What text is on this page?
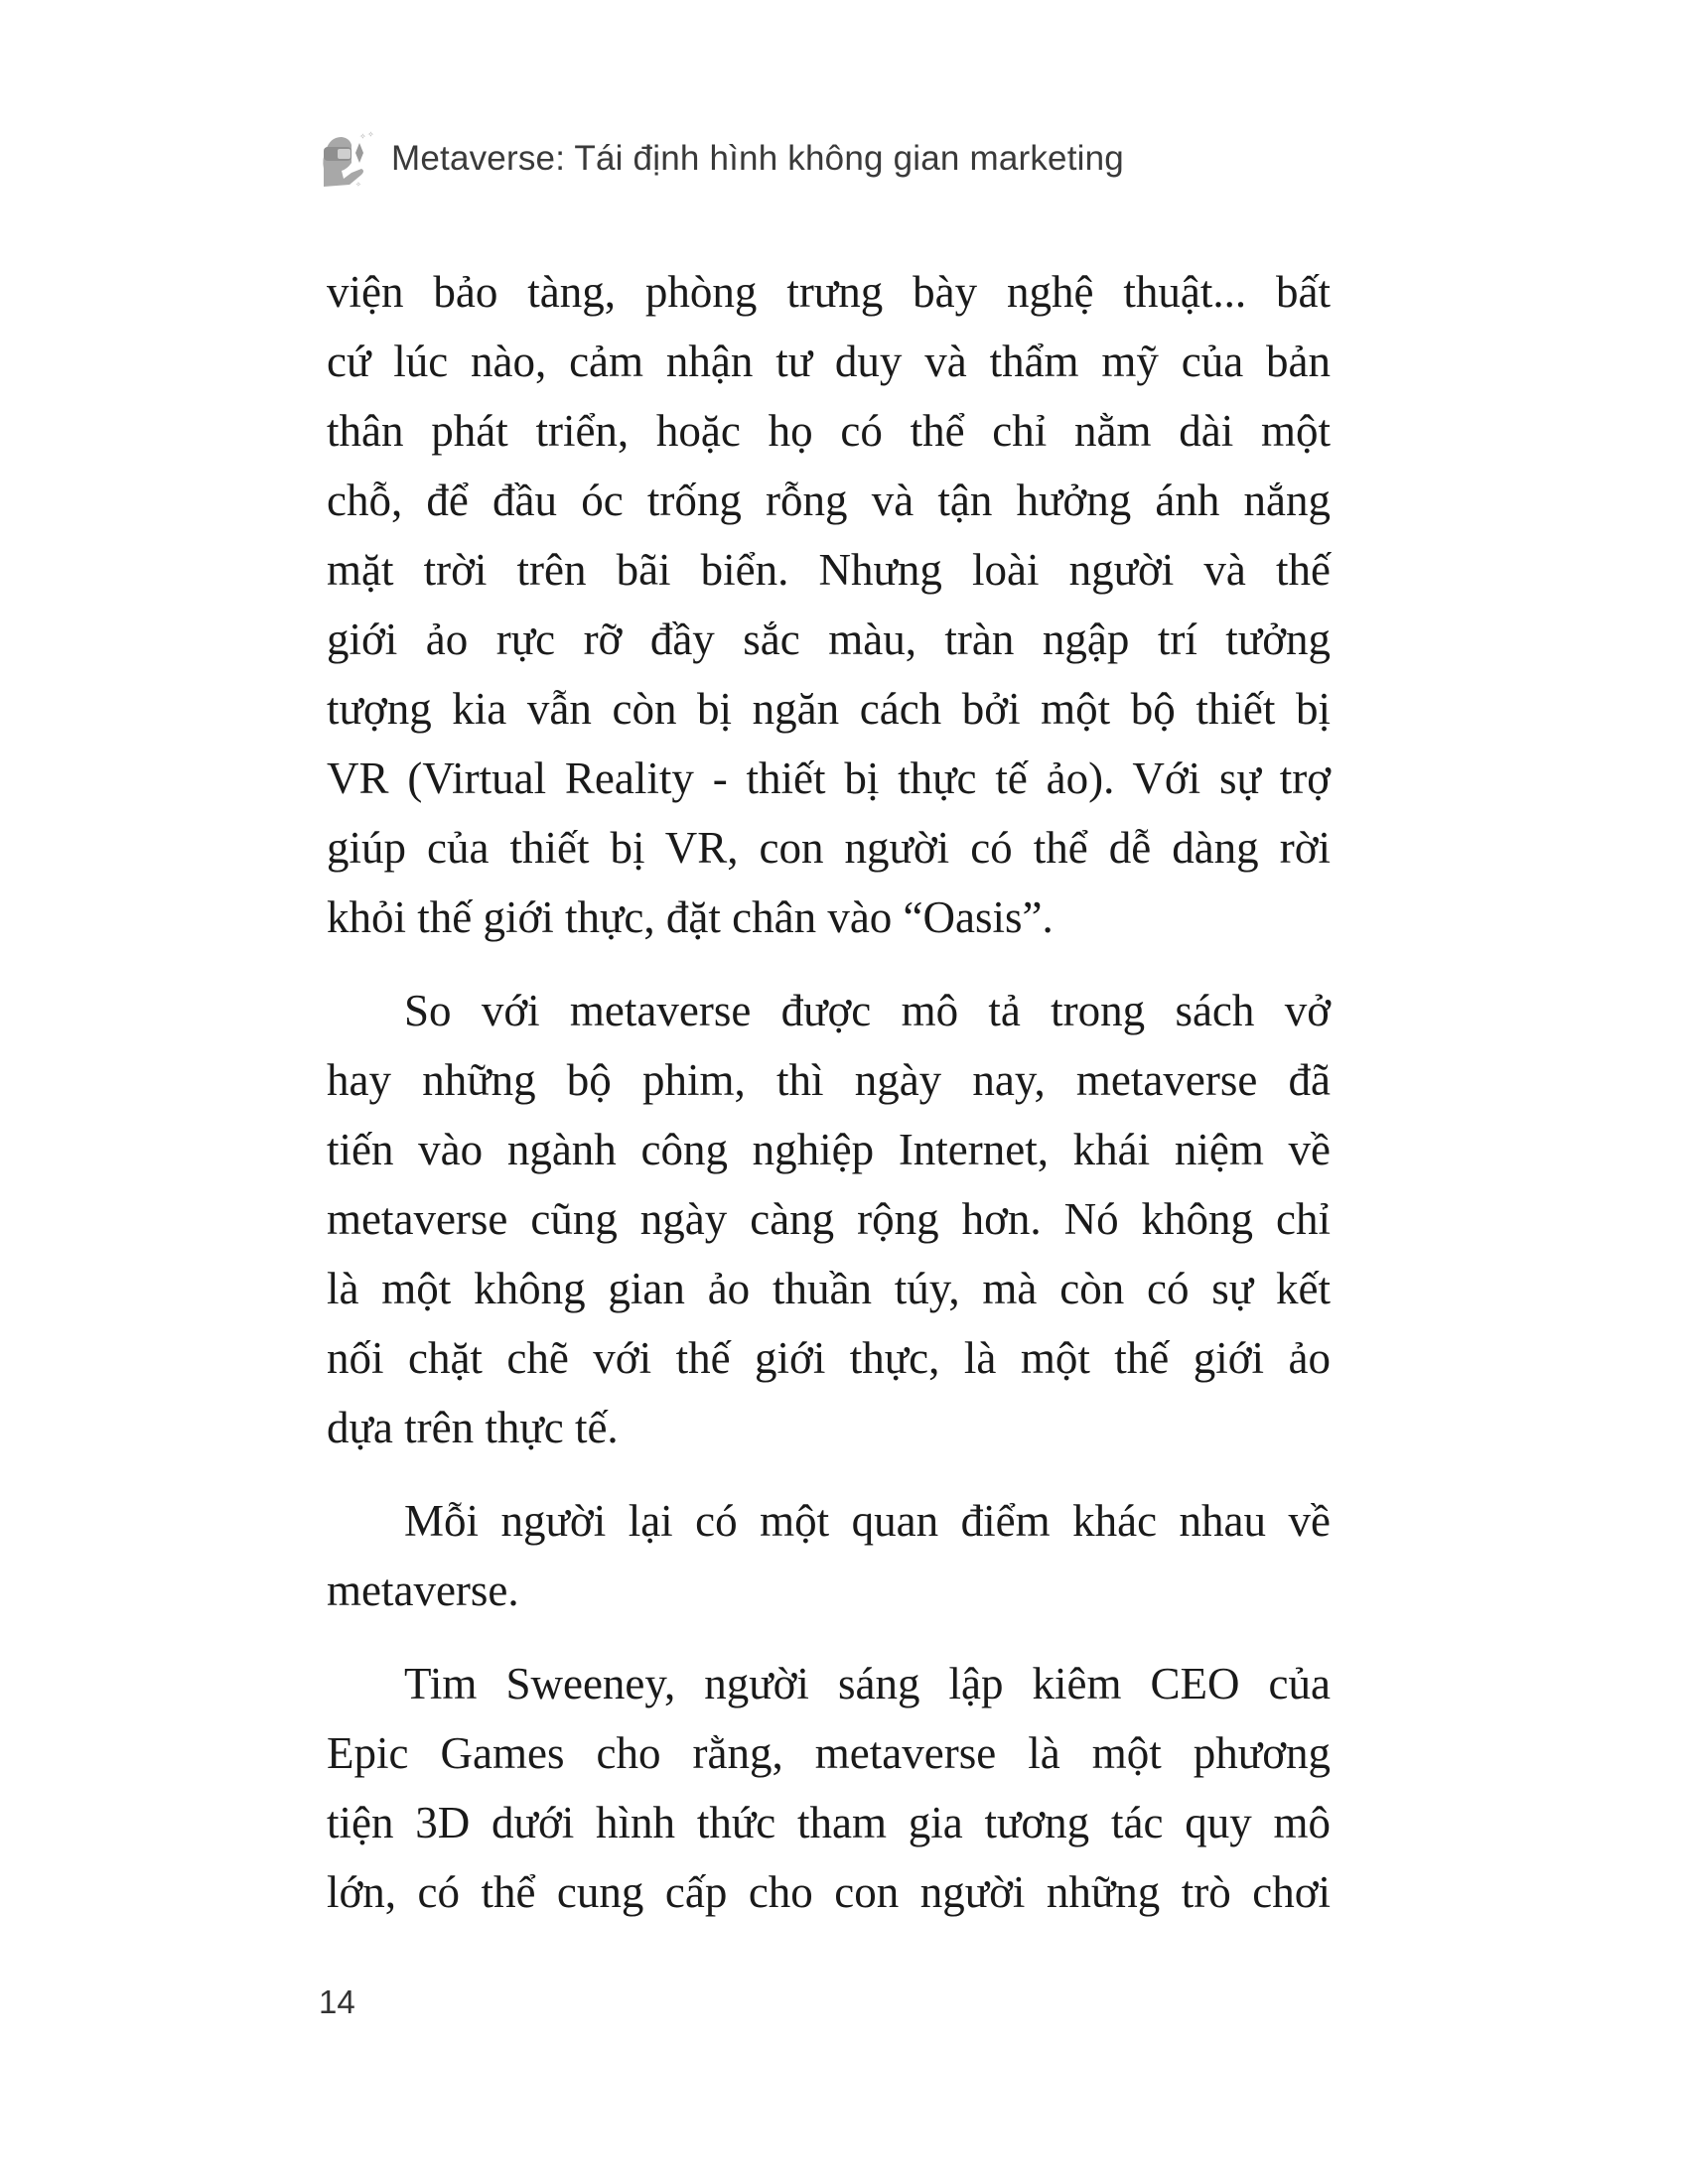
✧ ✧
✧
Metaverse: Tái định hình không gian marketing
viện bảo tàng, phòng trưng bày nghệ thuật... bất
cứ lúc nào, cảm nhận tư duy và thẩm mỹ của bản
thân phát triển, hoặc họ có thể chỉ nằm dài một
chỗ, để đầu óc trống rỗng và tận hưởng ánh nắng
mặt trời trên bãi biển. Nhưng loài người và thế
giới ảo rực rỡ đầy sắc màu, tràn ngập trí tưởng
tượng kia vẫn còn bị ngăn cách bởi một bộ thiết bị
VR (Virtual Reality - thiết bị thực tế ảo). Với sự trợ
giúp của thiết bị VR, con người có thể dễ dàng rời
khỏi thế giới thực, đặt chân vào “Oasis”.
So với metaverse được mô tả trong sách vở
hay những bộ phim, thì ngày nay, metaverse đã
tiến vào ngành công nghiệp Internet, khái niệm về
metaverse cũng ngày càng rộng hơn. Nó không chỉ
là một không gian ảo thuần túy, mà còn có sự kết
nối chặt chẽ với thế giới thực, là một thế giới ảo
dựa trên thực tế.
Mỗi người lại có một quan điểm khác nhau về
metaverse.
Tim Sweeney, người sáng lập kiêm CEO của
Epic Games cho rằng, metaverse là một phương
tiện 3D dưới hình thức tham gia tương tác quy mô
lớn, có thể cung cấp cho con người những trò chơi
14
